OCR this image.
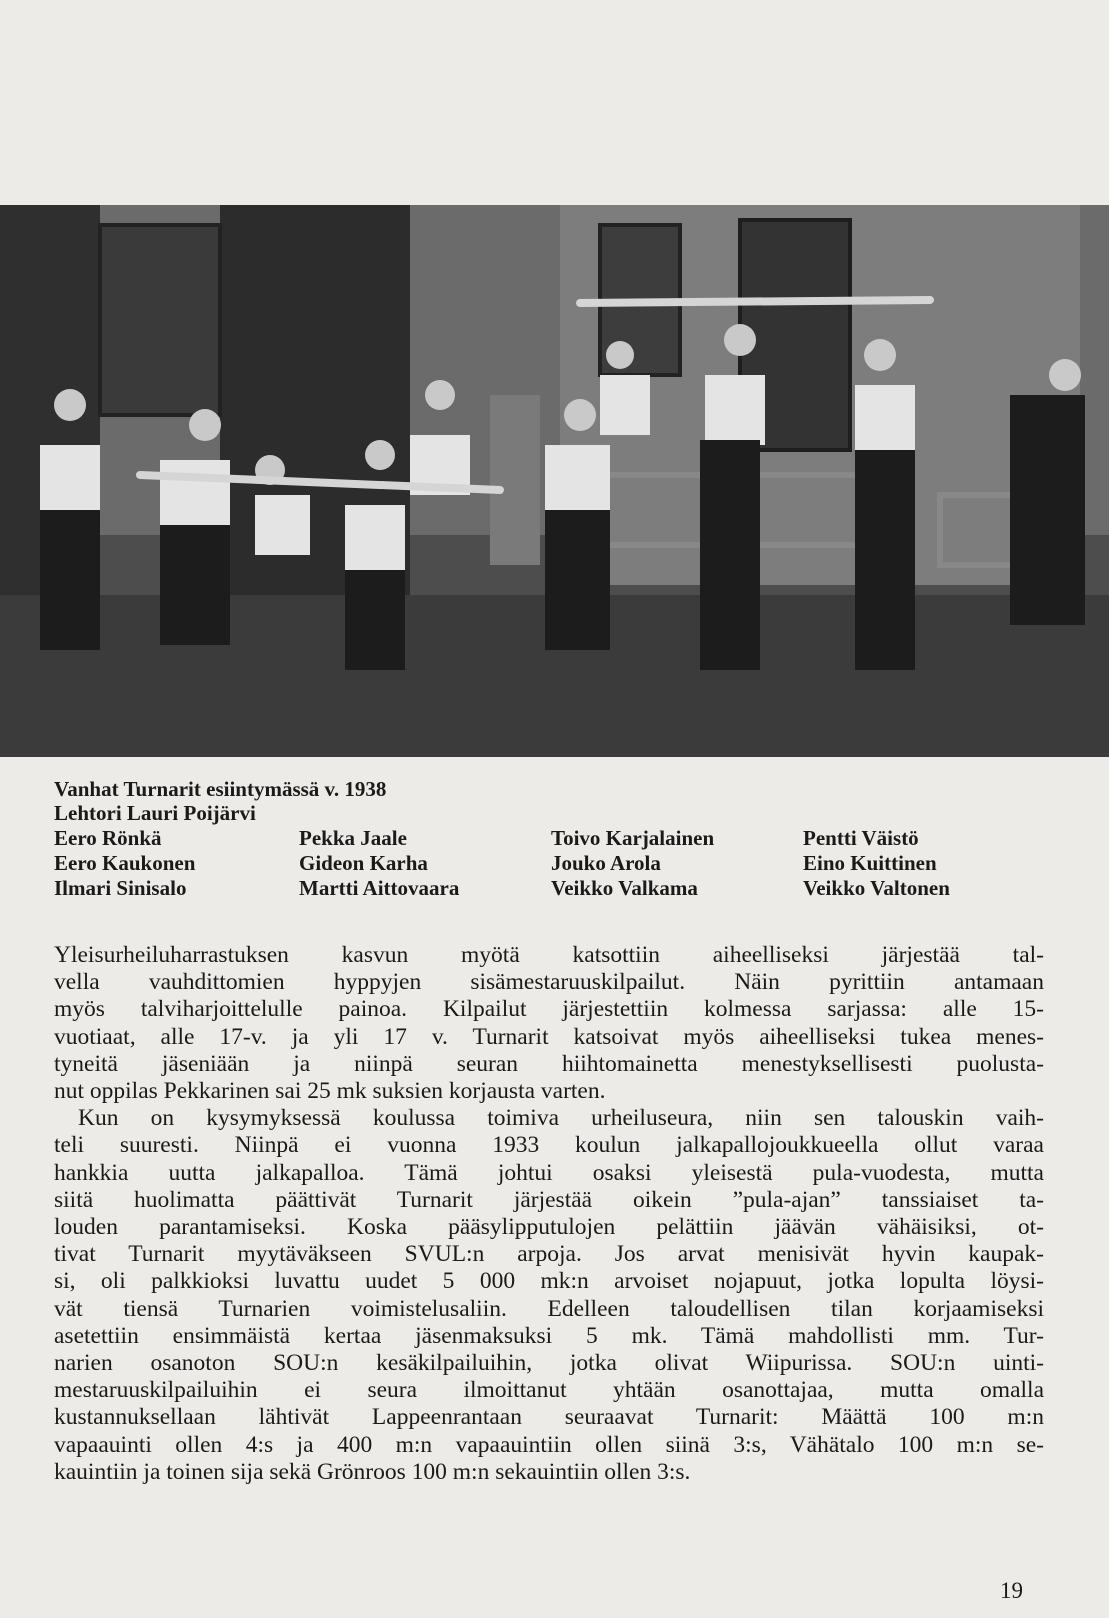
Vanhat Turnarit esiintymässä v. 1938
Lehtori Lauri Poijärvi
Eero Rönkä
Eero Kaukonen
Ilmari Sinisalo
Pekka Jaale
Gideon Karha
Martti Aittovaara
Toivo Karjalainen
Jouko Arola
Veikko Valkama
Pentti Väistö
Eino Kuittinen
Veikko Valtonen
Yleisurheiluharrastuksen kasvun myötä katsottiin aiheelliseksi järjestää tal-
vella vauhdittomien hyppyjen sisämestaruuskilpailut. Näin pyrittiin antamaan
myös talviharjoittelulle painoa. Kilpailut järjestettiin kolmessa sarjassa: alle 15-
vuotiaat, alle 17-v. ja yli 17 v. Turnarit katsoivat myös aiheelliseksi tukea menes-
tyneitä jäseniään ja niinpä seuran hiihtomainetta menestyksellisesti puolusta-
nut oppilas Pekkarinen sai 25 mk suksien korjausta varten.
Kun on kysymyksessä koulussa toimiva urheiluseura, niin sen talouskin vaih-
teli suuresti. Niinpä ei vuonna 1933 koulun jalkapallojoukkueella ollut varaa
hankkia uutta jalkapalloa. Tämä johtui osaksi yleisestä pula-vuodesta, mutta
siitä huolimatta päättivät Turnarit järjestää oikein ”pula-ajan” tanssiaiset ta-
louden parantamiseksi. Koska pääsylipputulojen pelättiin jäävän vähäisiksi, ot-
tivat Turnarit myytäväkseen SVUL:n arpoja. Jos arvat menisivät hyvin kaupak-
si, oli palkkioksi luvattu uudet 5 000 mk:n arvoiset nojapuut, jotka lopulta löysi-
vät tiensä Turnarien voimistelusaliin. Edelleen taloudellisen tilan korjaamiseksi
asetettiin ensimmäistä kertaa jäsenmaksuksi 5 mk. Tämä mahdollisti mm. Tur-
narien osanoton SOU:n kesäkilpailuihin, jotka olivat Wiipurissa. SOU:n uinti-
mestaruuskilpailuihin ei seura ilmoittanut yhtään osanottajaa, mutta omalla
kustannuksellaan lähtivät Lappeenrantaan seuraavat Turnarit: Määttä 100 m:n
vapaauinti ollen 4:s ja 400 m:n vapaauintiin ollen siinä 3:s, Vähätalo 100 m:n se-
kauintiin ja toinen sija sekä Grönroos 100 m:n sekauintiin ollen 3:s.
19
